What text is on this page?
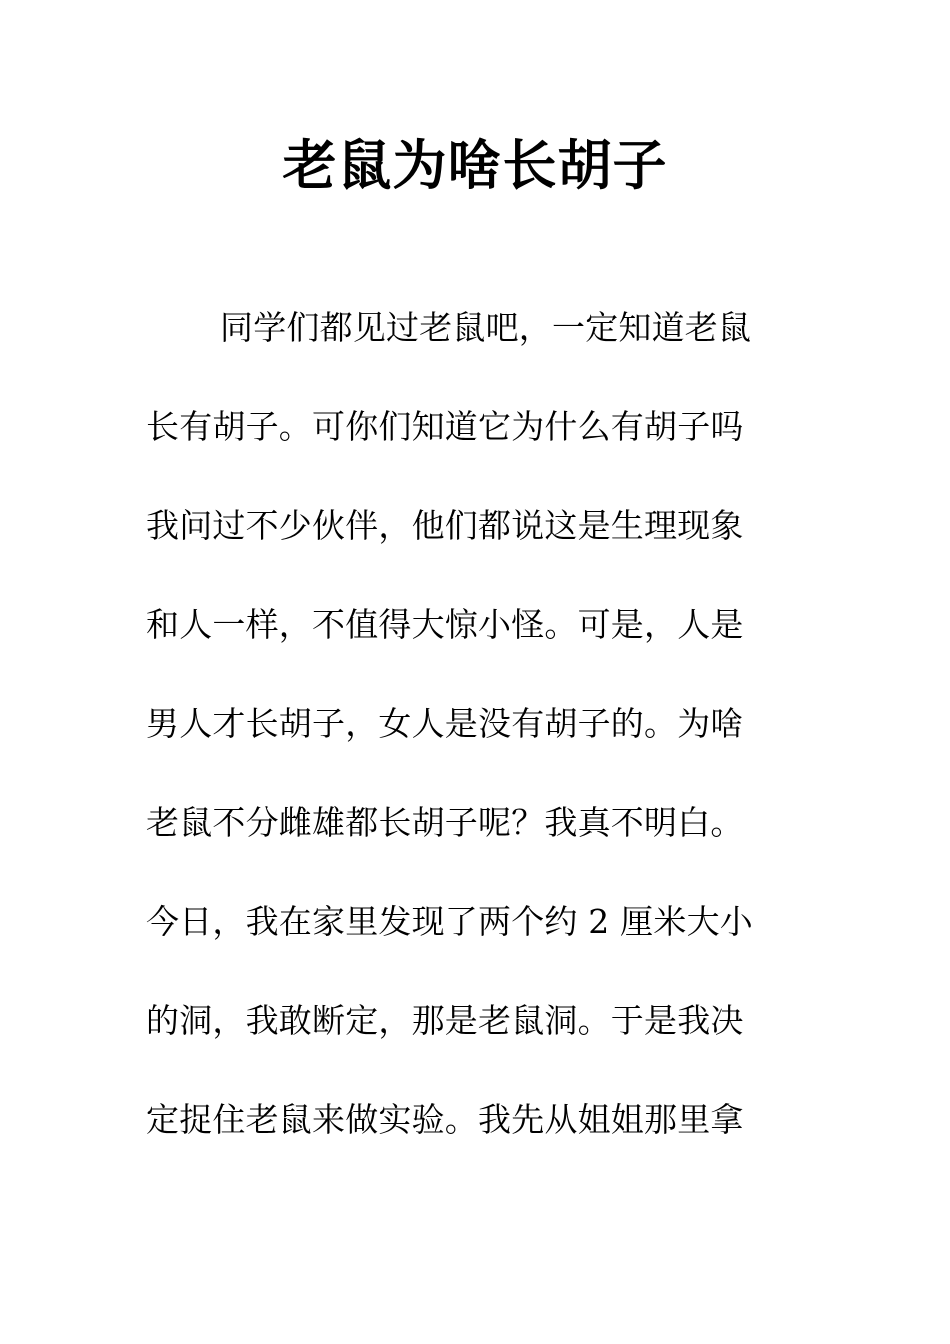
老鼠为啥长胡子
同学们都见过老鼠吧，一定知道老鼠
长有胡子。可你们知道它为什么有胡子吗
我问过不少伙伴，他们都说这是生理现象
和人一样，不值得大惊小怪。可是，人是
男人才长胡子，女人是没有胡子的。为啥
老鼠不分雌雄都长胡子呢？我真不明白。
今日，我在家里发现了两个约 2 厘米大小
的洞，我敢断定，那是老鼠洞。于是我决
定捉住老鼠来做实验。我先从姐姐那里拿
